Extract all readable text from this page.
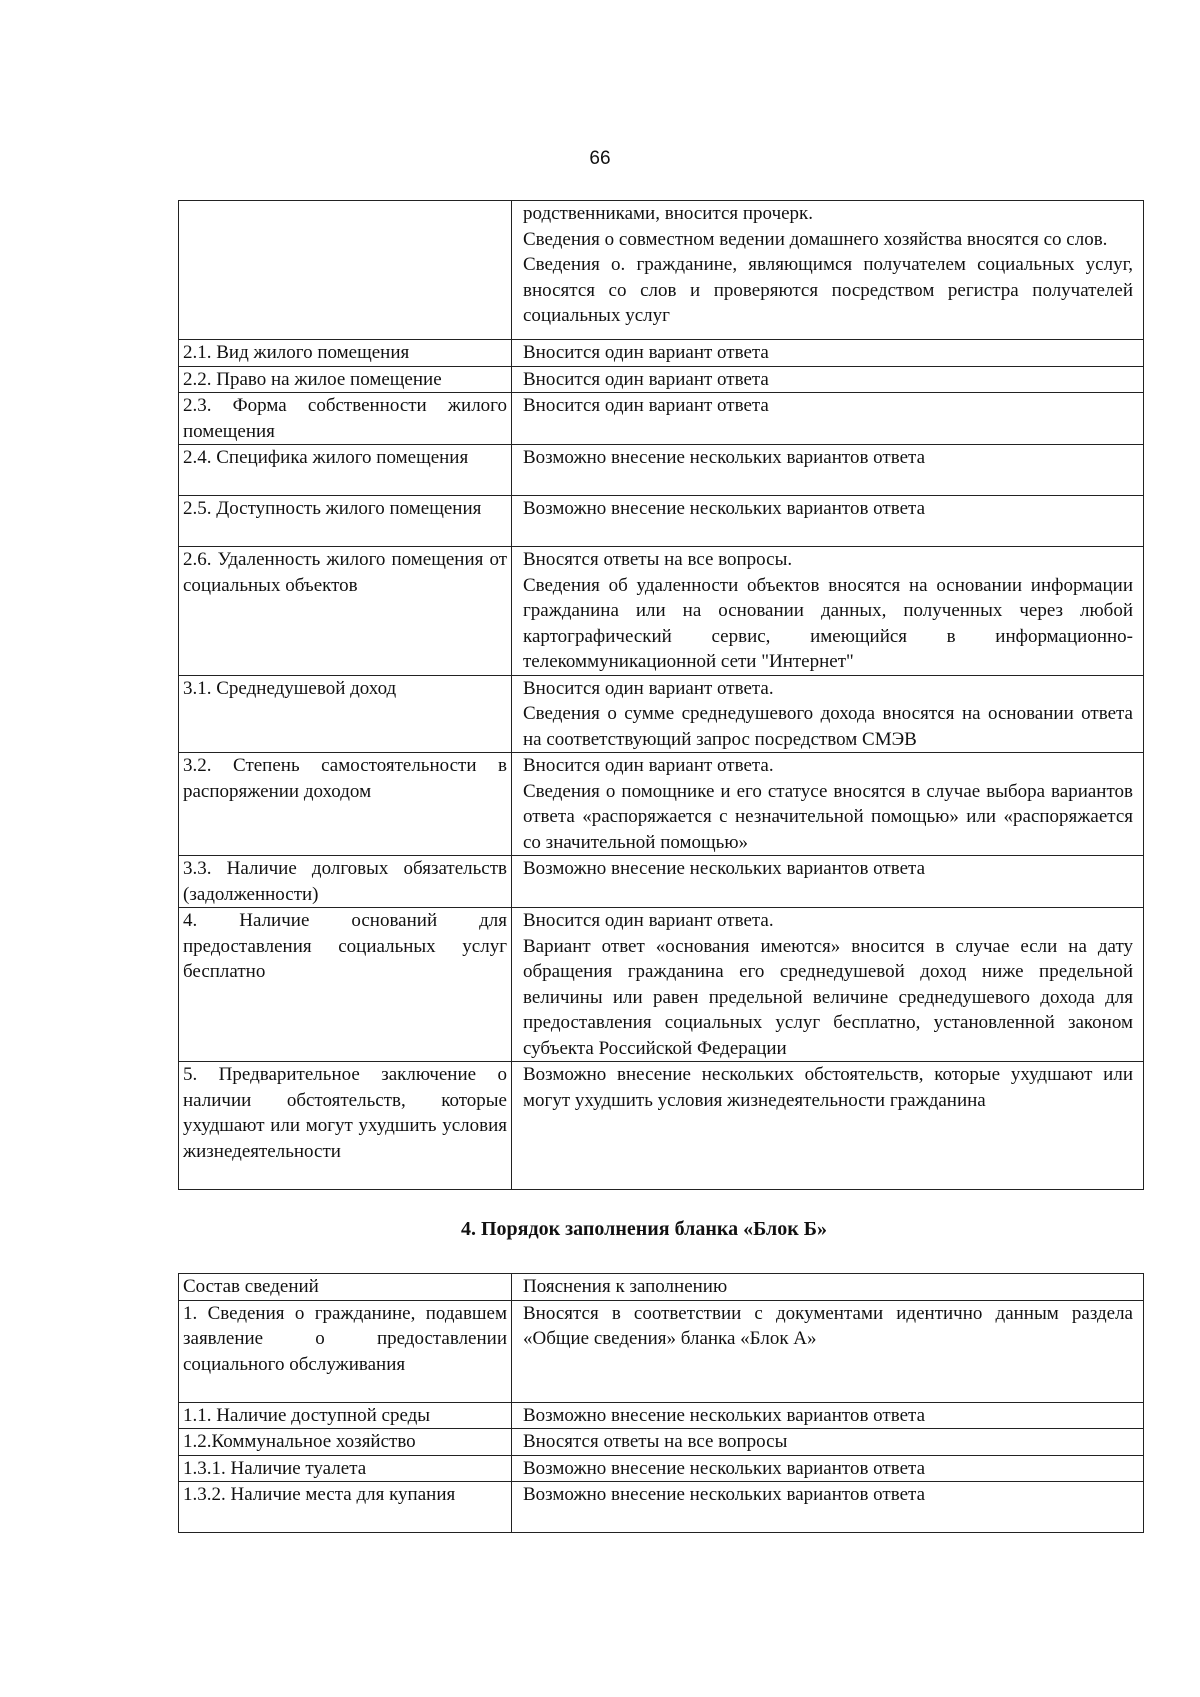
66

	родственниками, вносится прочерк.
Сведения о совместном ведении домашнего хозяйства вносятся со слов.
Сведения о. гражданине, являющимся получателем социальных услуг, вносятся со слов и проверяются посредством регистра получателей социальных услуг

2.1. Вид жилого помещения	Вносится один вариант ответа

2.2. Право на жилое помещение	Вносится один вариант ответа

2.3. Форма собственности жилого помещения	Вносится один вариант ответа

2.4. Специфика жилого помещения	Возможно внесение нескольких вариантов ответа

2.5. Доступность жилого помещения	Возможно внесение нескольких вариантов ответа

2.6. Удаленность жилого помещения от социальных объектов	Вносятся ответы на все вопросы.
Сведения об удаленности объектов вносятся на основании информации гражданина или на основании данных, полученных через любой картографический сервис, имеющийся в информационно-телекоммуникационной сети "Интернет"

3.1. Среднедушевой доход	Вносится один вариант ответа.
Сведения о сумме среднедушевого дохода вносятся на основании ответа на соответствующий запрос посредством СМЭВ

3.2. Степень самостоятельности в распоряжении доходом	Вносится один вариант ответа.
Сведения о помощнике и его статусе вносятся в случае выбора вариантов ответа «распоряжается с незначительной помощью» или «распоряжается со значительной помощью»

3.3. Наличие долговых обязательств (задолженности)	Возможно внесение нескольких вариантов ответа

4. Наличие оснований для предоставления социальных услуг бесплатно	Вносится один вариант ответа.
Вариант ответ «основания имеются» вносится в случае если на дату обращения гражданина его среднедушевой доход ниже предельной величины или равен предельной величине среднедушевого дохода для предоставления социальных услуг бесплатно, установленной законом субъекта Российской Федерации

5. Предварительное заключение о наличии обстоятельств, которые ухудшают или могут ухудшить условия жизнедеятельности	Возможно внесение нескольких обстоятельств, которые ухудшают или могут ухудшить условия жизнедеятельности гражданина
4. Порядок заполнения бланка «Блок Б»
Состав сведений	Пояснения к заполнению
1. Сведения о гражданине, подавшем заявление о предоставлении социального обслуживания	Вносятся в соответствии с документами идентично данным раздела «Общие сведения» бланка «Блок А»

1.1. Наличие доступной среды	Возможно внесение нескольких вариантов ответа

1.2.Коммунальное хозяйство	Вносятся ответы на все вопросы

1.3.1. Наличие туалета	Возможно внесение нескольких вариантов ответа

1.3.2. Наличие места для купания	Возможно внесение нескольких вариантов ответа
